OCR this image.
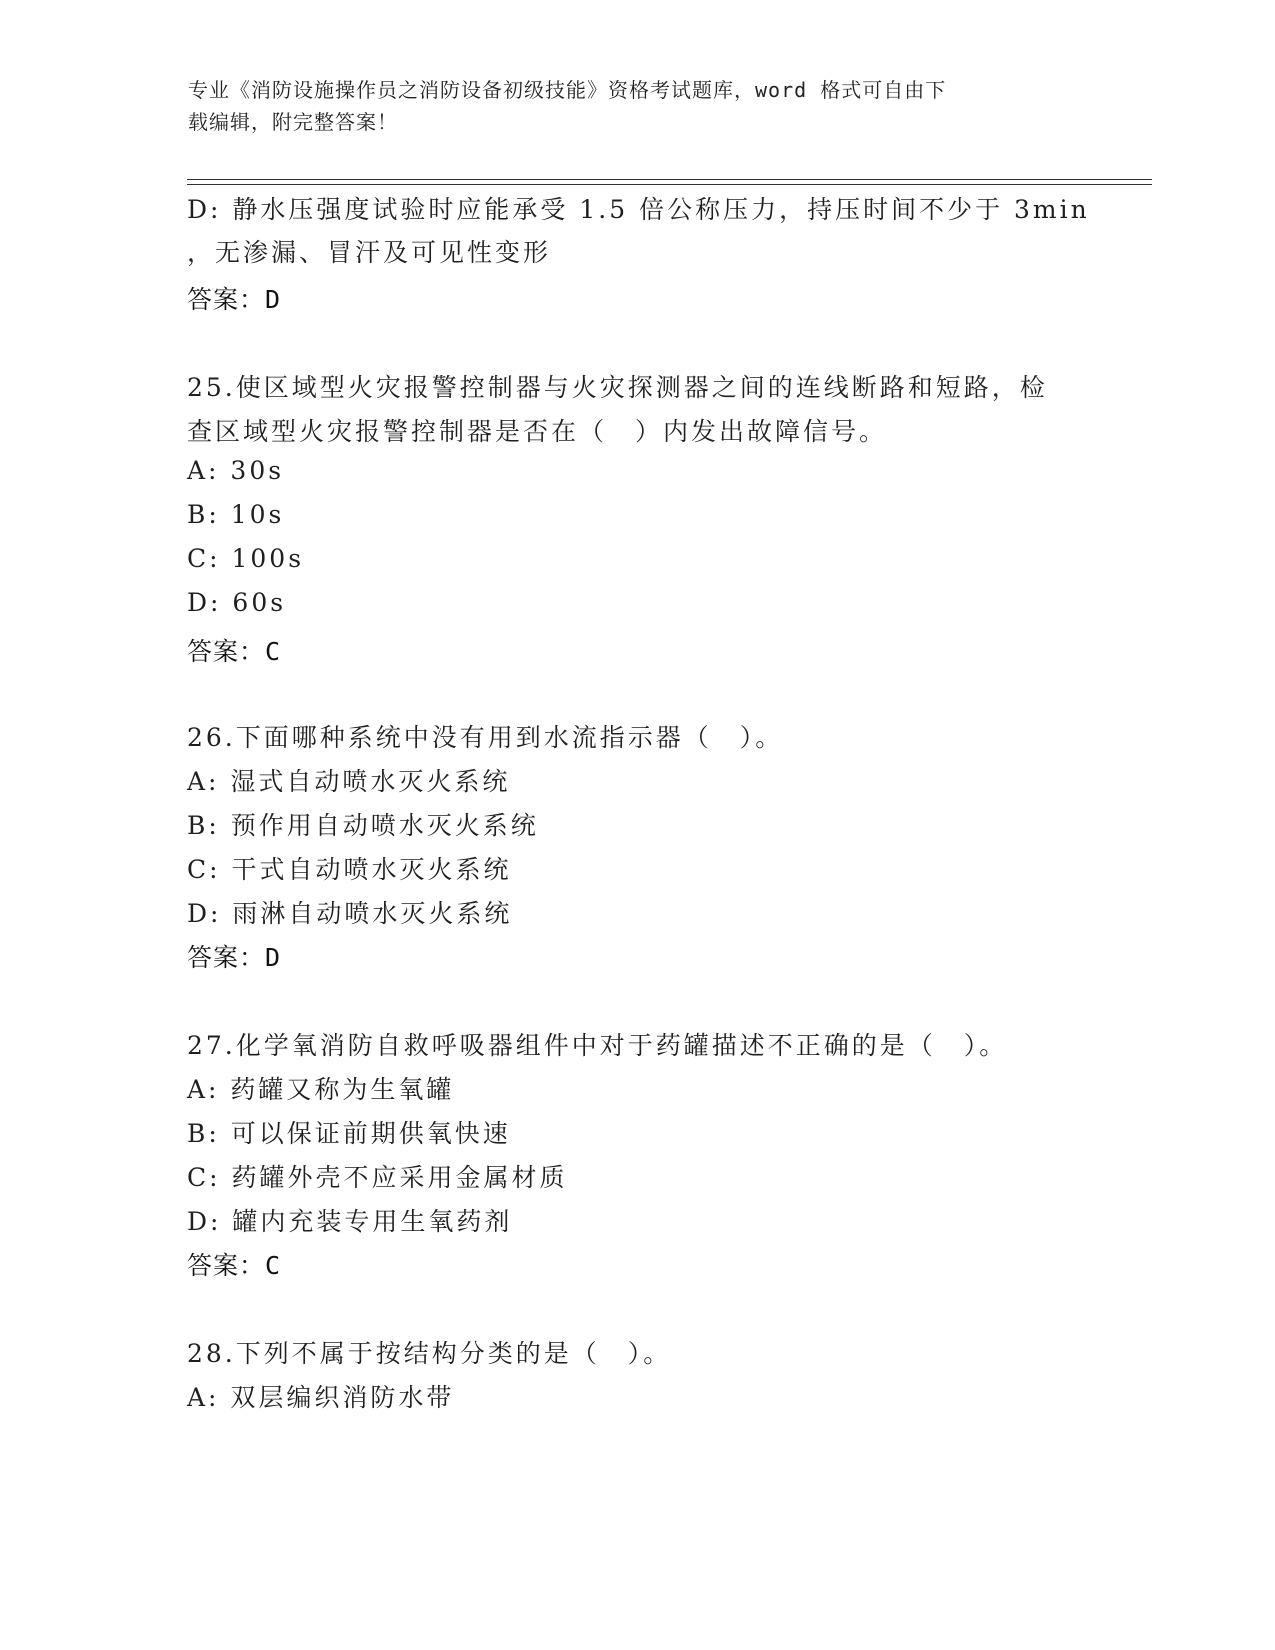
专业《消防设施操作员之消防设备初级技能》资格考试题库，word 格式可自由下
载编辑，附完整答案！
D: 静水压强度试验时应能承受 1.5 倍公称压力，持压时间不少于 3min
，无渗漏、冒汗及可见性变形
答案：D
25.使区域型火灾报警控制器与火灾探测器之间的连线断路和短路，检
查区域型火灾报警控制器是否在（　）内发出故障信号。
A: 30s
B: 10s
C: 100s
D: 60s
答案：C
26.下面哪种系统中没有用到水流指示器（　）。
A: 湿式自动喷水灭火系统
B: 预作用自动喷水灭火系统
C: 干式自动喷水灭火系统
D: 雨淋自动喷水灭火系统
答案：D
27.化学氧消防自救呼吸器组件中对于药罐描述不正确的是（　）。
A: 药罐又称为生氧罐
B: 可以保证前期供氧快速
C: 药罐外壳不应采用金属材质
D: 罐内充装专用生氧药剂
答案：C
28.下列不属于按结构分类的是（　）。
A: 双层编织消防水带
